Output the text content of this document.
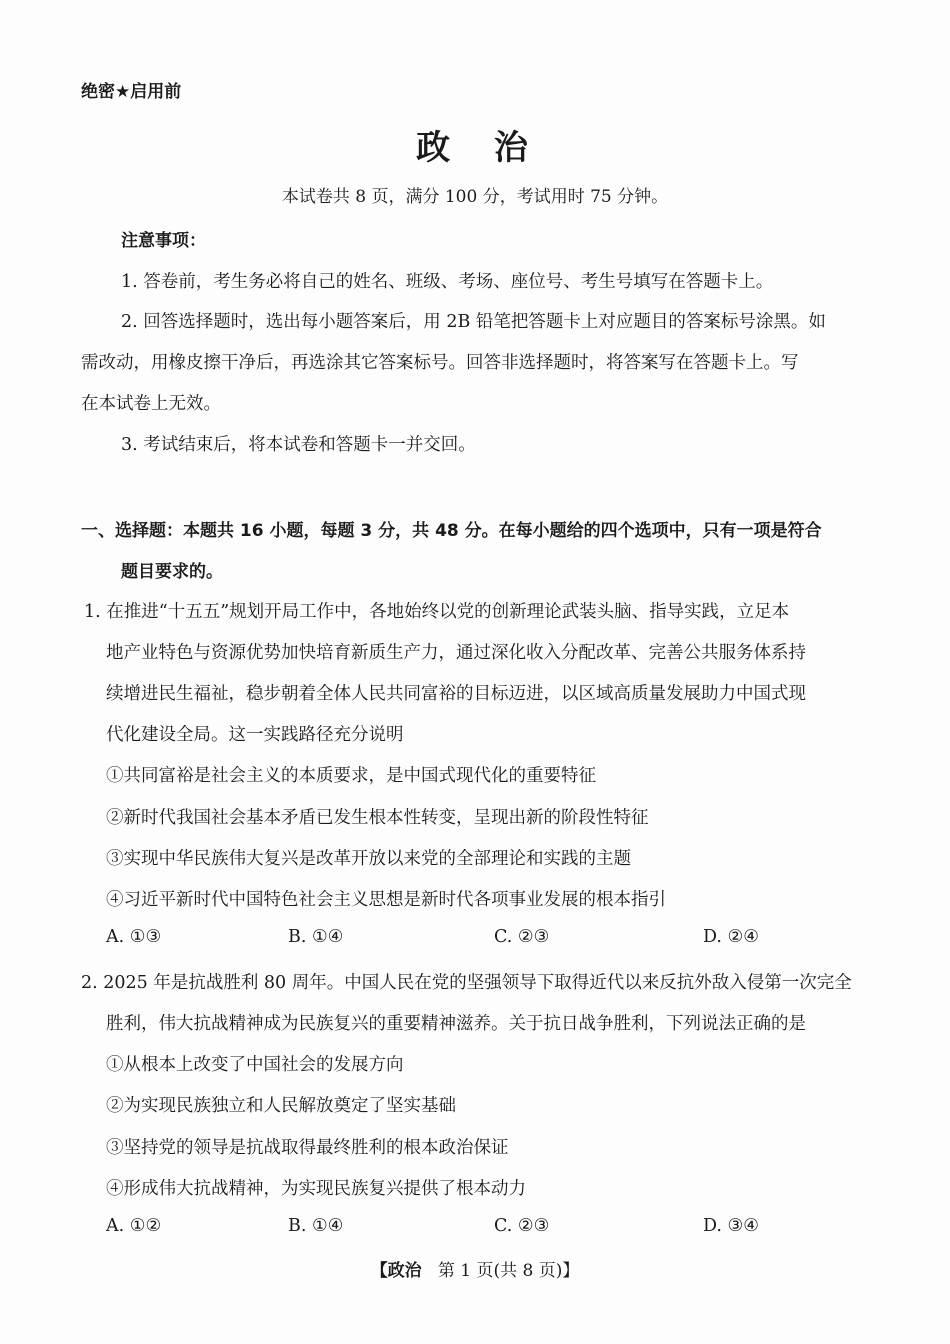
绝密★启用前
政 治
本试卷共 8 页，满分 100 分，考试用时 75 分钟。
注意事项：
1. 答卷前，考生务必将自己的姓名、班级、考场、座位号、考生号填写在答题卡上。
2. 回答选择题时，选出每小题答案后，用 2B 铅笔把答题卡上对应题目的答案标号涂黑。如
需改动，用橡皮擦干净后，再选涂其它答案标号。回答非选择题时，将答案写在答题卡上。写
在本试卷上无效。
3. 考试结束后，将本试卷和答题卡一并交回。
一、选择题：本题共 16 小题，每题 3 分，共 48 分。在每小题给的四个选项中，只有一项是符合
题目要求的。
1. 在推进“十五五”规划开局工作中，各地始终以党的创新理论武装头脑、指导实践，立足本
地产业特色与资源优势加快培育新质生产力，通过深化收入分配改革、完善公共服务体系持
续增进民生福祉，稳步朝着全体人民共同富裕的目标迈进，以区域高质量发展助力中国式现
代化建设全局。这一实践路径充分说明
①共同富裕是社会主义的本质要求，是中国式现代化的重要特征
②新时代我国社会基本矛盾已发生根本性转变，呈现出新的阶段性特征
③实现中华民族伟大复兴是改革开放以来党的全部理论和实践的主题
④习近平新时代中国特色社会主义思想是新时代各项事业发展的根本指引
A. ①③	B. ①④	C. ②③	D. ②④
2. 2025 年是抗战胜利 80 周年。中国人民在党的坚强领导下取得近代以来反抗外敌入侵第一次完全
胜利，伟大抗战精神成为民族复兴的重要精神滋养。关于抗日战争胜利，下列说法正确的是
①从根本上改变了中国社会的发展方向
②为实现民族独立和人民解放奠定了坚实基础
③坚持党的领导是抗战取得最终胜利的根本政治保证
④形成伟大抗战精神，为实现民族复兴提供了根本动力
A. ①②	B. ①④	C. ②③	D. ③④
【政治 第 1 页(共 8 页)】
